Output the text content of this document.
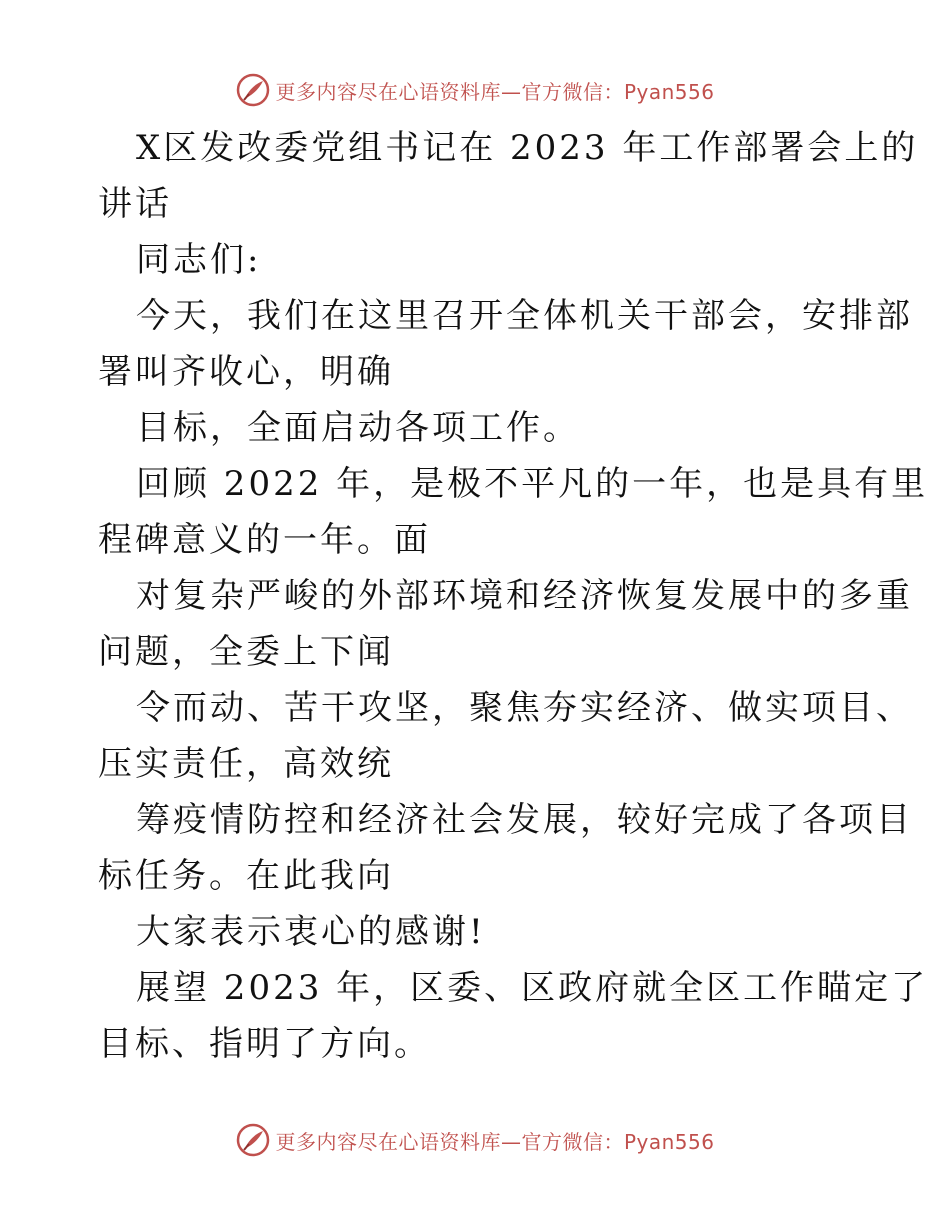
更多内容尽在心语资料库—官方微信：Pyan556
X区发改委党组书记在 2023 年工作部署会上的
讲话
同志们:
今天，我们在这里召开全体机关干部会，安排部
署叫齐收心，明确
目标，全面启动各项工作。
回顾 2022 年，是极不平凡的一年，也是具有里
程碑意义的一年。面
对复杂严峻的外部环境和经济恢复发展中的多重
问题，全委上下闻
令而动、苦干攻坚，聚焦夯实经济、做实项目、
压实责任，高效统
筹疫情防控和经济社会发展，较好完成了各项目
标任务。在此我向
大家表示衷心的感谢!
展望 2023 年，区委、区政府就全区工作瞄定了
目标、指明了方向。
更多内容尽在心语资料库—官方微信：Pyan556
